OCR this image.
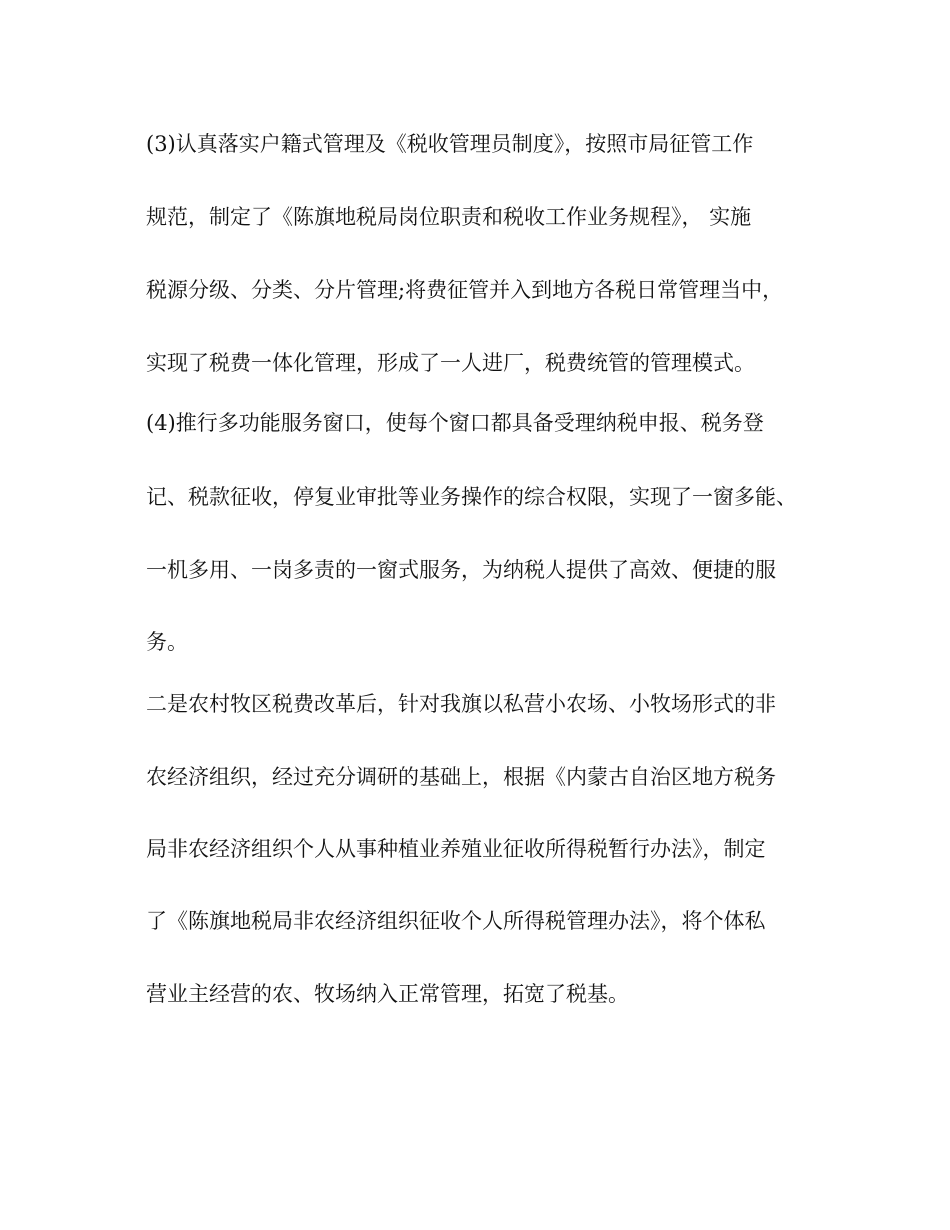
(3)认真落实户籍式管理及《税收管理员制度》，按照市局征管工作
规范，制定了《陈旗地税局岗位职责和税收工作业务规程》， 实施
税源分级、分类、分片管理;将费征管并入到地方各税日常管理当中，
实现了税费一体化管理，形成了一人进厂，税费统管的管理模式。
(4)推行多功能服务窗口，使每个窗口都具备受理纳税申报、税务登
记、税款征收，停复业审批等业务操作的综合权限，实现了一窗多能、
一机多用、一岗多责的一窗式服务，为纳税人提供了高效、便捷的服
务。
二是农村牧区税费改革后，针对我旗以私营小农场、小牧场形式的非
农经济组织，经过充分调研的基础上，根据《内蒙古自治区地方税务
局非农经济组织个人从事种植业养殖业征收所得税暂行办法》，制定
了《陈旗地税局非农经济组织征收个人所得税管理办法》，将个体私
营业主经营的农、牧场纳入正常管理，拓宽了税基。
